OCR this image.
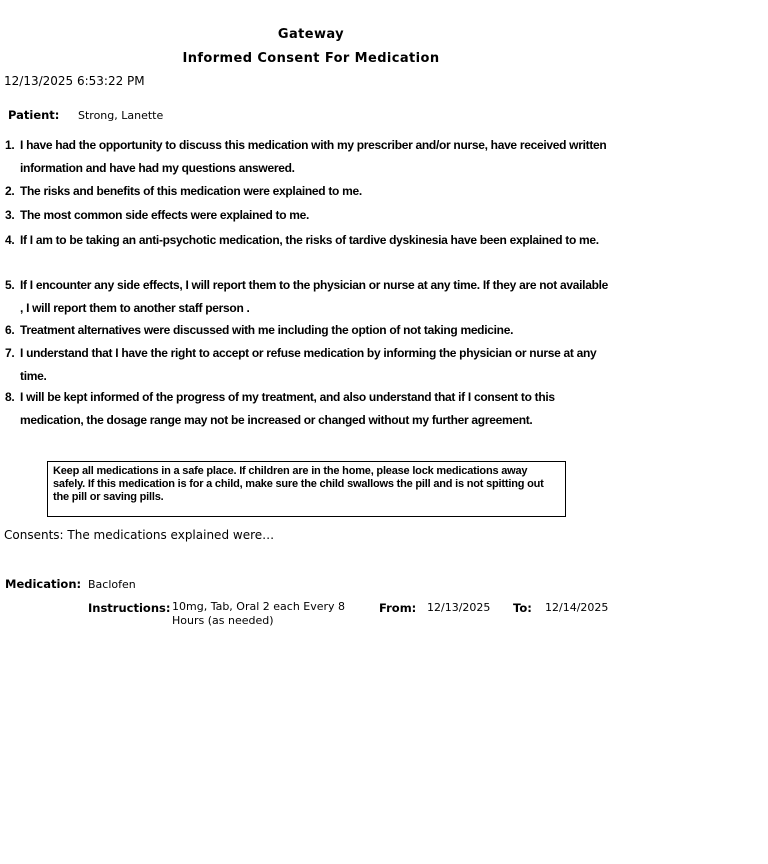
Gateway
Informed Consent For Medication
12/13/2025 6:53:22 PM
Patient: Strong, Lanette
1. I have had the opportunity to discuss this medication with my prescriber and/or nurse, have received written information and have had my questions answered.
2. The risks and benefits of this medication were explained to me.
3. The most common side effects were explained to me.
4. If I am to be taking an anti-psychotic medication, the risks of tardive dyskinesia have been explained to me.
5. If I encounter any side effects, I will report them to the physician or nurse at any time. If they are not available , I will report them to another staff person .
6. Treatment alternatives were discussed with me including the option of not taking medicine.
7. I understand that I have the right to accept or refuse medication by informing the physician or nurse at any time.
8. I will be kept informed of the progress of my treatment, and also understand that if I consent to this medication, the dosage range may not be increased or changed without my further agreement.
Keep all medications in a safe place. If children are in the home, please lock medications away safely. If this medication is for a child, make sure the child swallows the pill and is not spitting out the pill or saving pills.
Consents: The medications explained were…
Medication: Baclofen
Instructions: 10mg, Tab, Oral 2 each Every 8 Hours (as needed)
From: 12/13/2025 To: 12/14/2025
